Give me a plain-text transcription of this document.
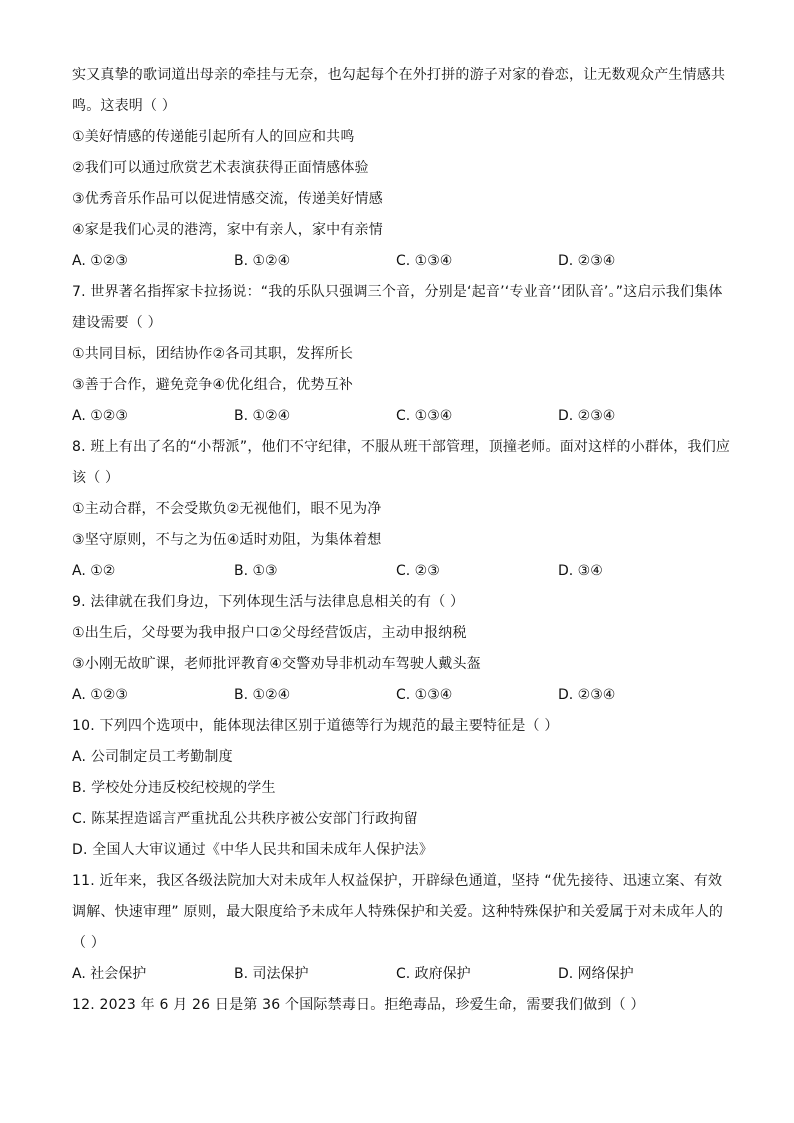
实又真挚的歌词道出母亲的牵挂与无奈，也勾起每个在外打拼的游子对家的眷恋，让无数观众产生情感共
鸣。这表明（ ）
①美好情感的传递能引起所有人的回应和共鸣
②我们可以通过欣赏艺术表演获得正面情感体验
③优秀音乐作品可以促进情感交流，传递美好情感
④家是我们心灵的港湾，家中有亲人，家中有亲情
A. ①②③	B. ①②④	C. ①③④	D. ②③④
7. 世界著名指挥家卡拉扬说：“我的乐队只强调三个音，分别是‘起音’‘专业音’‘团队音’。”这启示我们集体
建设需要（ ）
①共同目标，团结协作②各司其职，发挥所长
③善于合作，避免竞争④优化组合，优势互补
A. ①②③	B. ①②④	C. ①③④	D. ②③④
8. 班上有出了名的“小帮派”，他们不守纪律，不服从班干部管理，顶撞老师。面对这样的小群体，我们应
该（ ）
①主动合群，不会受欺负②无视他们，眼不见为净
③坚守原则，不与之为伍④适时劝阻，为集体着想
A. ①②	B. ①③	C. ②③	D. ③④
9. 法律就在我们身边，下列体现生活与法律息息相关的有（ ）
①出生后，父母要为我申报户口②父母经营饭店，主动申报纳税
③小刚无故旷课，老师批评教育④交警劝导非机动车驾驶人戴头盔
A. ①②③	B. ①②④	C. ①③④	D. ②③④
10. 下列四个选项中，能体现法律区别于道德等行为规范的最主要特征是（ ）
A. 公司制定员工考勤制度
B. 学校处分违反校纪校规的学生
C. 陈某捏造谣言严重扰乱公共秩序被公安部门行政拘留
D. 全国人大审议通过《中华人民共和国未成年人保护法》
11. 近年来，我区各级法院加大对未成年人权益保护，开辟绿色通道，坚持 “优先接待、迅速立案、有效
调解、快速审理” 原则，最大限度给予未成年人特殊保护和关爱。这种特殊保护和关爱属于对未成年人的
（ ）
A. 社会保护	B. 司法保护	C. 政府保护	D. 网络保护
12. 2023 年 6 月 26 日是第 36 个国际禁毒日。拒绝毒品，珍爱生命，需要我们做到（ ）
